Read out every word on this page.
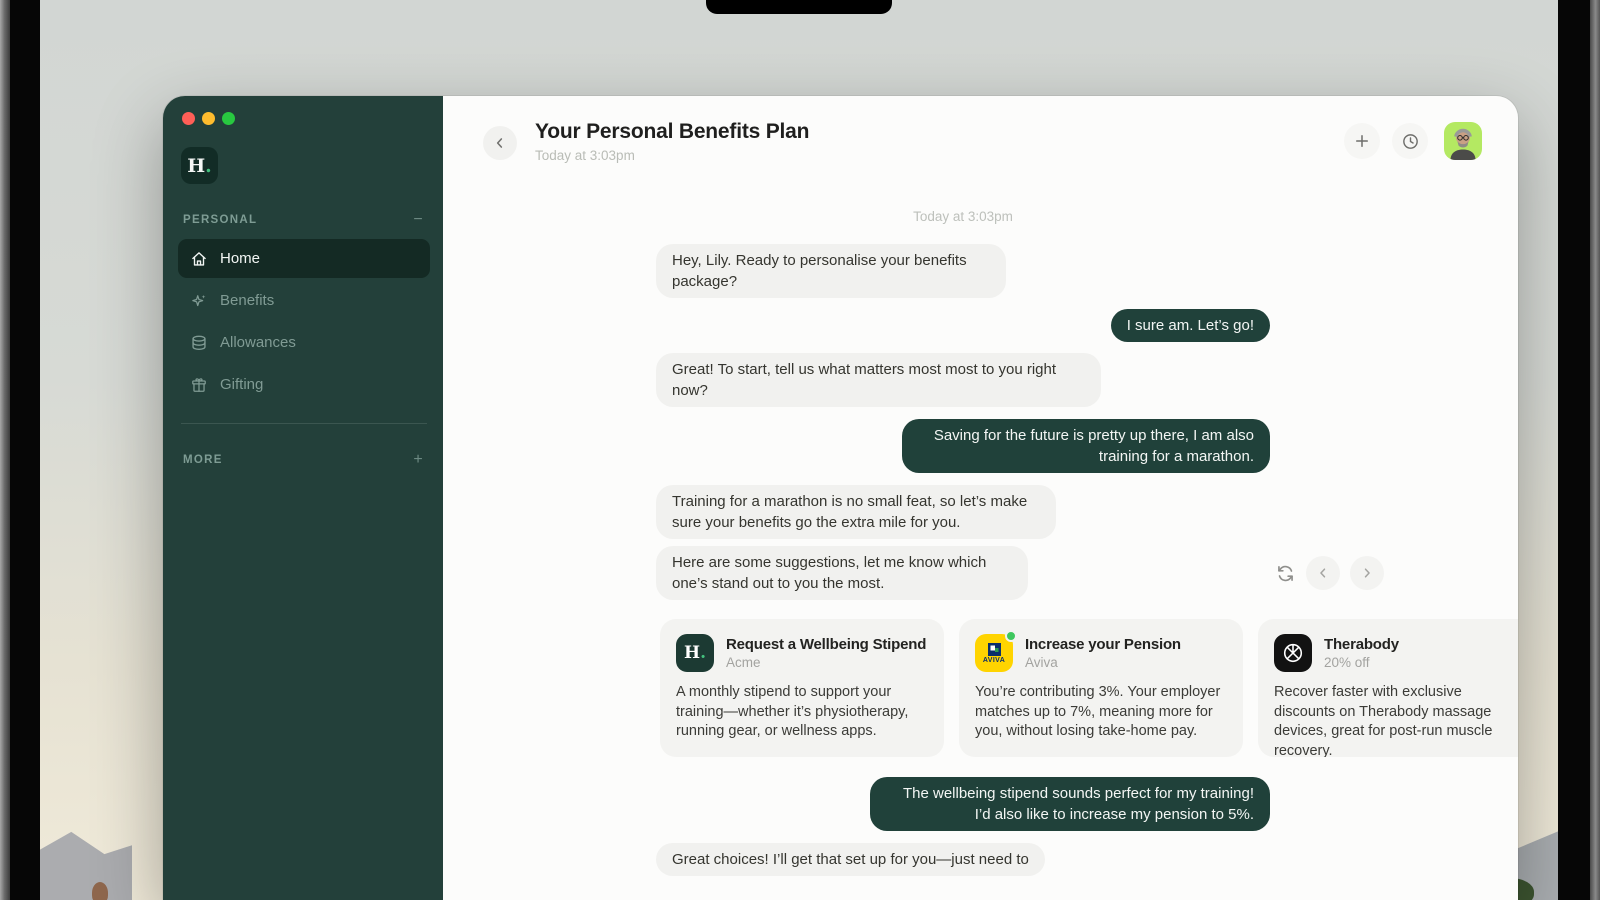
H .
PERSONAL	−
Home
Benefits
Allowances
Gifting
MORE	+
Your Personal Benefits Plan
Today at 3:03pm
Today at 3:03pm
Hey, Lily. Ready to personalise your benefits package?
I sure am. Let’s go!
Great! To start, tell us what matters most most to you right now?
Saving for the future is pretty up there, I am also training for a marathon.
Training for a marathon is no small feat, so let’s make sure your benefits go the extra mile for you.
Here are some suggestions, let me know which one’s stand out to you the most.
H . Request a Wellbeing Stipend
Acme
A monthly stipend to support your training—whether it’s physiotherapy, running gear, or wellness apps.
AVIVA
Increase your Pension
Aviva
You’re contributing 3%. Your employer matches up to 7%, meaning more for you, without losing take-home pay.
Therabody
20% off
Recover faster with exclusive discounts on Therabody massage devices, great for post-run muscle recovery.
The wellbeing stipend sounds perfect for my training! I’d also like to increase my pension to 5%.
Great choices! I’ll get that set up for you—just need to
